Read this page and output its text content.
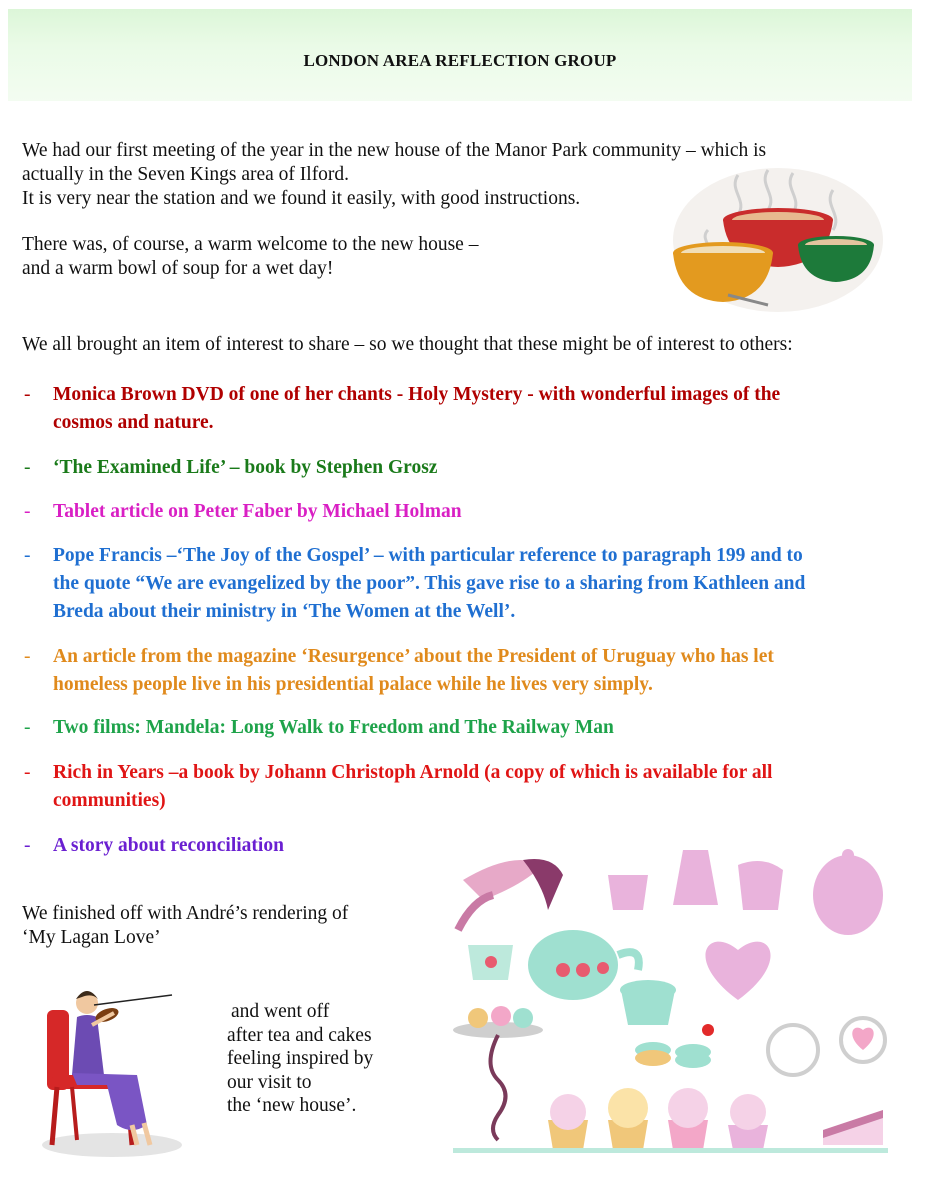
LONDON AREA REFLECTION GROUP
We had our first meeting of the year in the new house of the Manor Park community – which is
actually in the Seven Kings area of Ilford.
It is very near the station and we found it easily, with good instructions.
There was, of course, a warm welcome to the new house –
and a warm bowl of soup for a wet day!
We all brought an item of interest to share – so we thought that these might be of interest to others:
- Monica Brown DVD of one of her chants - Holy Mystery - with wonderful images of the
cosmos and nature.
- ‘The Examined Life’ – book by Stephen Grosz
- Tablet article on Peter Faber by Michael Holman
- Pope Francis –‘The Joy of the Gospel’ – with particular reference to paragraph 199 and to
the quote “We are evangelized by the poor”. This gave rise to a sharing from Kathleen and
Breda about their ministry in ‘The Women at the Well’.
- An article from the magazine ‘Resurgence’ about the President of Uruguay who has let
homeless people live in his presidential palace while he lives very simply.
- Two films: Mandela: Long Walk to Freedom and The Railway Man
- Rich in Years –a book by Johann Christoph Arnold (a copy of which is available for all
communities)
- A story about reconciliation
We finished off with André’s rendering of
‘My Lagan Love’
and went off
after tea and cakes
feeling inspired by
our visit to
the ‘new house’.
